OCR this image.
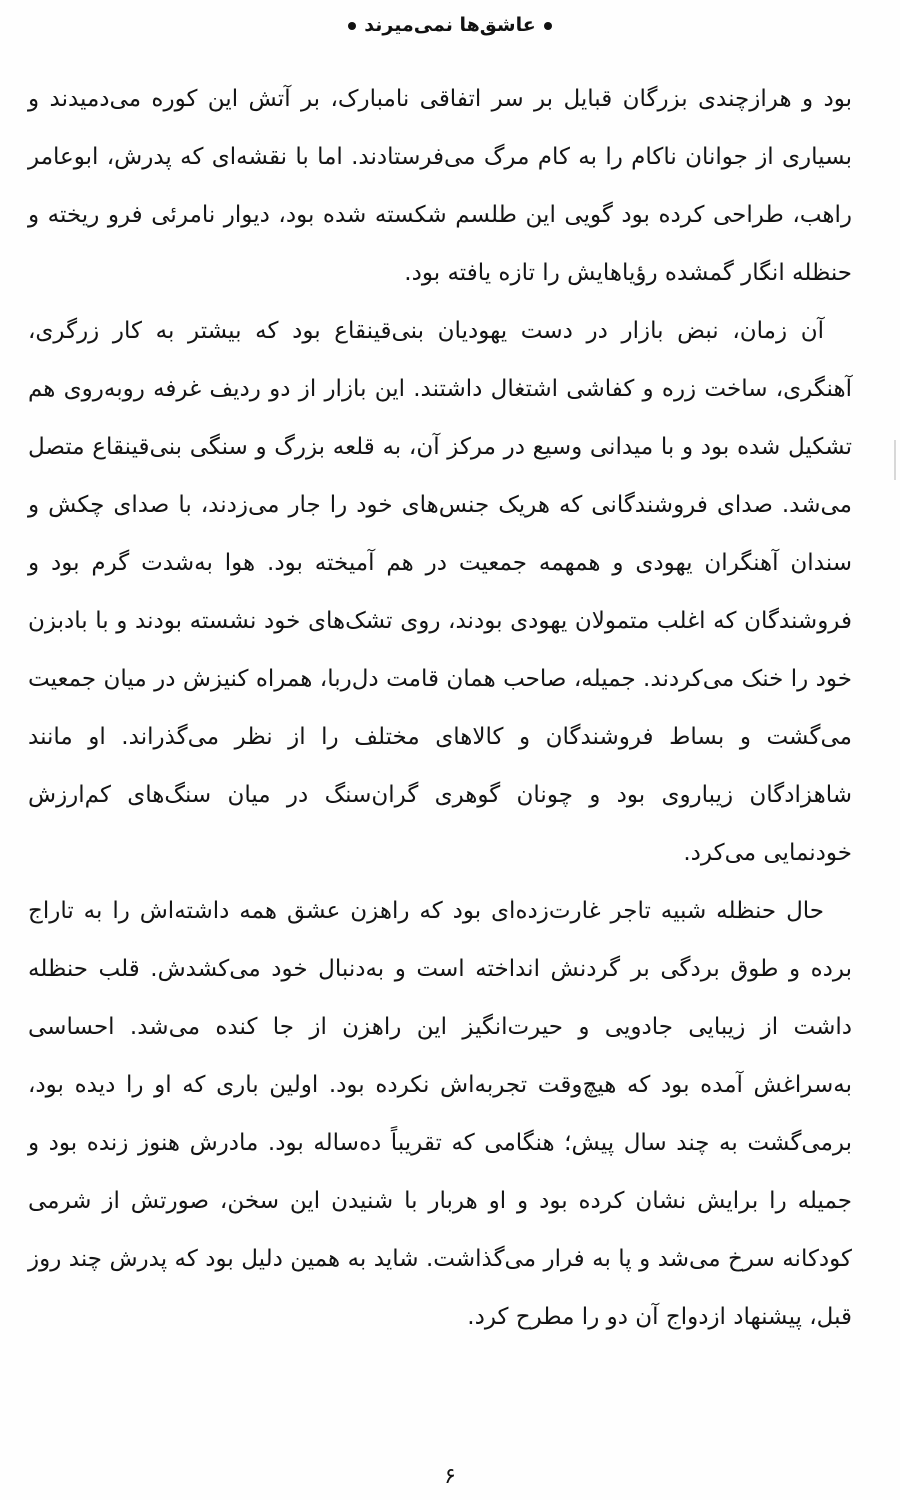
عاشق‌ها نمی‌میرند

بود و هرازچندی بزرگان قبایل بر سر اتفاقی نامبارک، بر آتش این کوره می‌دمیدند و بسیاری از جوانان ناکام را به کام مرگ می‌فرستادند. اما با نقشه‌ای که پدرش، ابوعامر راهب، طراحی کرده بود گویی این طلسم شکسته شده بود، دیوار نامرئی فرو ریخته و حنظله انگار گمشده رؤیاهایش را تازه یافته بود.

آن زمان، نبض بازار در دست یهودیان بنی‌قینقاع بود که بیشتر به کار زرگری، آهنگری، ساخت زره و کفاشی اشتغال داشتند. این بازار از دو ردیف غرفه روبه‌روی هم تشکیل شده بود و با میدانی وسیع در مرکز آن، به قلعه بزرگ و سنگی بنی‌قینقاع متصل می‌شد. صدای فروشندگانی که هریک جنس‌های خود را جار می‌زدند، با صدای چکش و سندان آهنگران یهودی و همهمه جمعیت در هم آمیخته بود. هوا به‌شدت گرم بود و فروشندگان که اغلب متمولان یهودی بودند، روی تشک‌های خود نشسته بودند و با بادبزن خود را خنک می‌کردند. جمیله، صاحب همان قامت دل‌ربا، همراه کنیزش در میان جمعیت می‌گشت و بساط فروشندگان و کالاهای مختلف را از نظر می‌گذراند. او مانند شاهزادگان زیباروی بود و چونان گوهری گران‌سنگ در میان سنگ‌های کم‌ارزش خودنمایی می‌کرد.

حال حنظله شبیه تاجر غارت‌زده‌ای بود که راهزن عشق همه داشته‌اش را به تاراج برده و طوق بردگی بر گردنش انداخته است و به‌دنبال خود می‌کشدش. قلب حنظله داشت از زیبایی جادویی و حیرت‌انگیز این راهزن از جا کنده می‌شد. احساسی به‌سراغش آمده بود که هیچ‌وقت تجربه‌اش نکرده بود. اولین باری که او را دیده بود، برمی‌گشت به چند سال پیش؛ هنگامی که تقریباً ده‌ساله بود. مادرش هنوز زنده بود و جمیله را برایش نشان کرده بود و او هربار با شنیدن این سخن، صورتش از شرمی کودکانه سرخ می‌شد و پا به فرار می‌گذاشت. شاید به همین دلیل بود که پدرش چند روز قبل، پیشنهاد ازدواج آن دو را مطرح کرد.

۶
